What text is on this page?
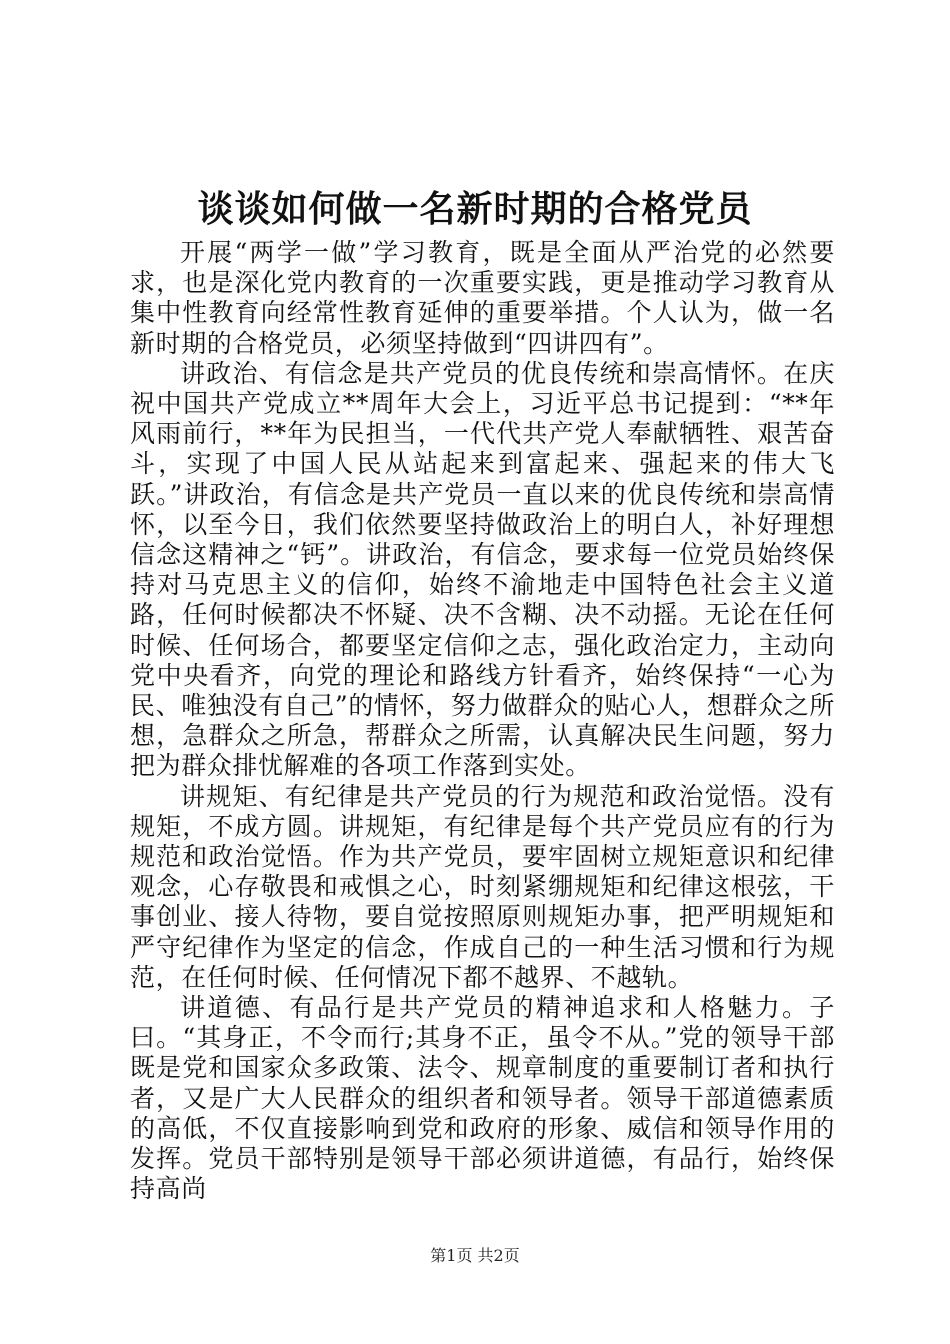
谈谈如何做一名新时期的合格党员

开展“两学一做”学习教育，既是全面从严治党的必然要求，也是深化党内教育的一次重要实践，更是推动学习教育从集中性教育向经常性教育延伸的重要举措。个人认为，做一名新时期的合格党员，必须坚持做到“四讲四有”。

讲政治、有信念是共产党员的优良传统和崇高情怀。在庆祝中国共产党成立**周年大会上，习近平总书记提到：“**年风雨前行，**年为民担当，一代代共产党人奉献牺牲、艰苦奋斗，实现了中国人民从站起来到富起来、强起来的伟大飞跃。”讲政治，有信念是共产党员一直以来的优良传统和崇高情怀，以至今日，我们依然要坚持做政治上的明白人，补好理想信念这精神之“钙”。讲政治，有信念，要求每一位党员始终保持对马克思主义的信仰，始终不渝地走中国特色社会主义道路，任何时候都决不怀疑、决不含糊、决不动摇。无论在任何时候、任何场合，都要坚定信仰之志，强化政治定力，主动向党中央看齐，向党的理论和路线方针看齐，始终保持“一心为民、唯独没有自己”的情怀，努力做群众的贴心人，想群众之所想，急群众之所急，帮群众之所需，认真解决民生问题，努力把为群众排忧解难的各项工作落到实处。

讲规矩、有纪律是共产党员的行为规范和政治觉悟。没有规矩，不成方圆。讲规矩，有纪律是每个共产党员应有的行为规范和政治觉悟。作为共产党员，要牢固树立规矩意识和纪律观念，心存敬畏和戒惧之心，时刻紧绷规矩和纪律这根弦，干事创业、接人待物，要自觉按照原则规矩办事，把严明规矩和严守纪律作为坚定的信念，作成自己的一种生活习惯和行为规范，在任何时候、任何情况下都不越界、不越轨。

讲道德、有品行是共产党员的精神追求和人格魅力。子曰。“其身正，不令而行;其身不正，虽令不从。”党的领导干部既是党和国家众多政策、法令、规章制度的重要制订者和执行者，又是广大人民群众的组织者和领导者。领导干部道德素质的高低，不仅直接影响到党和政府的形象、威信和领导作用的发挥。党员干部特别是领导干部必须讲道德，有品行，始终保持高尚

第1页 共2页
